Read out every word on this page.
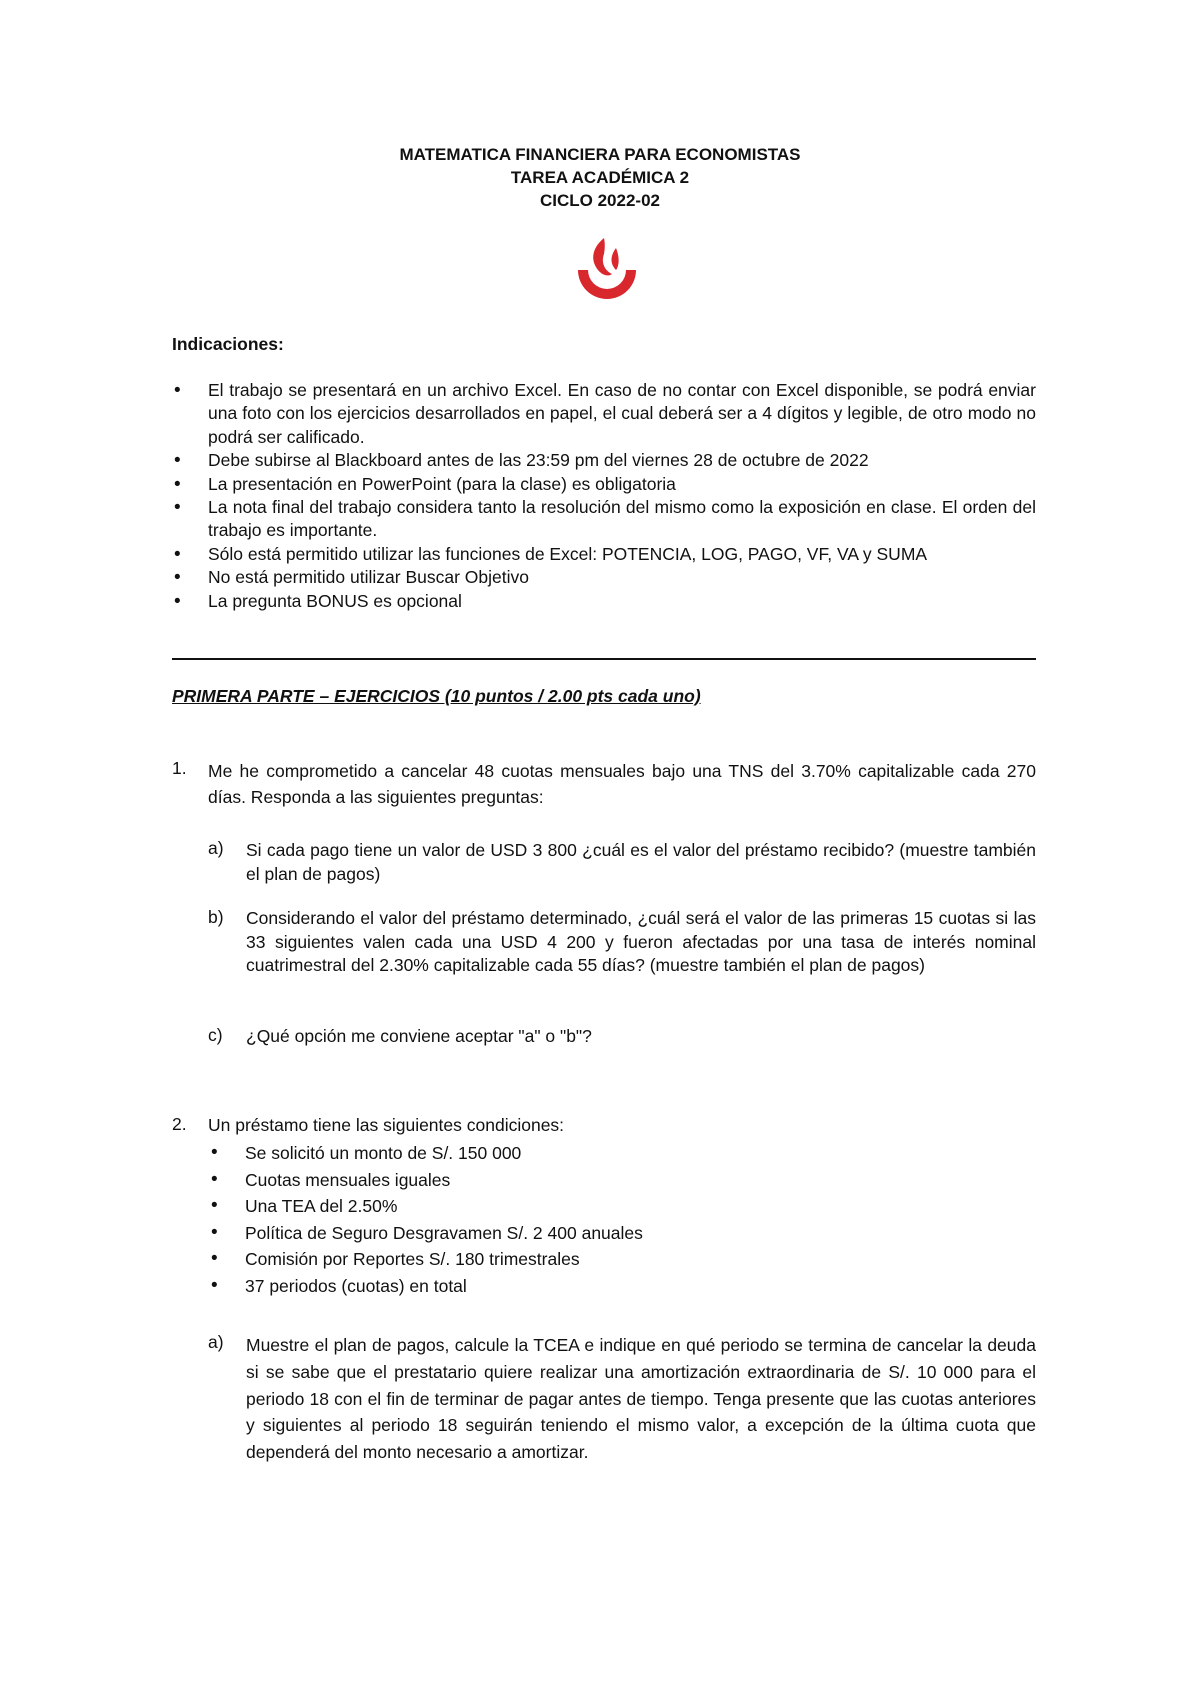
MATEMATICA FINANCIERA PARA ECONOMISTAS
TAREA ACADÉMICA 2
CICLO 2022-02
Indicaciones:
• El trabajo se presentará en un archivo Excel. En caso de no contar con Excel disponible, se podrá enviar una foto con los ejercicios desarrollados en papel, el cual deberá ser a 4 dígitos y legible, de otro modo no podrá ser calificado.
• Debe subirse al Blackboard antes de las 23:59 pm del viernes 28 de octubre de 2022
• La presentación en PowerPoint (para la clase) es obligatoria
• La nota final del trabajo considera tanto la resolución del mismo como la exposición en clase. El orden del trabajo es importante.
• Sólo está permitido utilizar las funciones de Excel: POTENCIA, LOG, PAGO, VF, VA y SUMA
• No está permitido utilizar Buscar Objetivo
• La pregunta BONUS es opcional
PRIMERA PARTE – EJERCICIOS (10 puntos / 2.00 pts cada uno)
1. Me he comprometido a cancelar 48 cuotas mensuales bajo una TNS del 3.70% capitalizable cada 270 días. Responda a las siguientes preguntas:
a) Si cada pago tiene un valor de USD 3 800 ¿cuál es el valor del préstamo recibido? (muestre también el plan de pagos)
b) Considerando el valor del préstamo determinado, ¿cuál será el valor de las primeras 15 cuotas si las 33 siguientes valen cada una USD 4 200 y fueron afectadas por una tasa de interés nominal cuatrimestral del 2.30% capitalizable cada 55 días? (muestre también el plan de pagos)
c) ¿Qué opción me conviene aceptar "a" o "b"?
2. Un préstamo tiene las siguientes condiciones:
• Se solicitó un monto de S/. 150 000
• Cuotas mensuales iguales
• Una TEA del 2.50%
• Política de Seguro Desgravamen S/. 2 400 anuales
• Comisión por Reportes S/. 180 trimestrales
• 37 periodos (cuotas) en total
a) Muestre el plan de pagos, calcule la TCEA e indique en qué periodo se termina de cancelar la deuda si se sabe que el prestatario quiere realizar una amortización extraordinaria de S/. 10 000 para el periodo 18 con el fin de terminar de pagar antes de tiempo. Tenga presente que las cuotas anteriores y siguientes al periodo 18 seguirán teniendo el mismo valor, a excepción de la última cuota que dependerá del monto necesario a amortizar.
